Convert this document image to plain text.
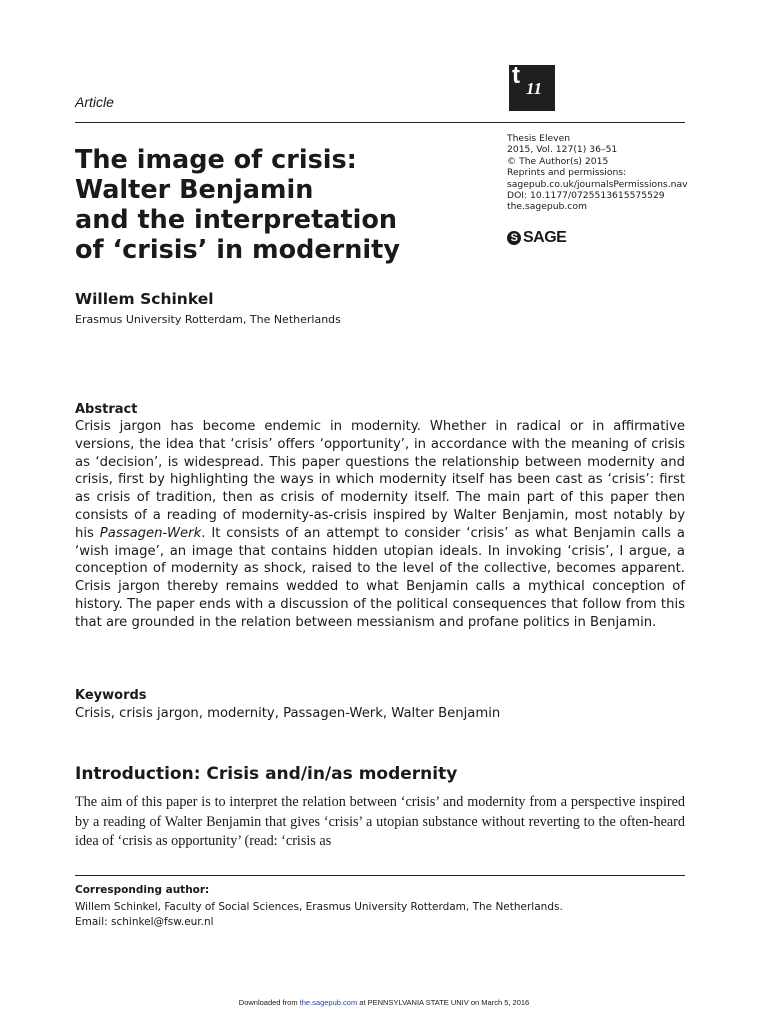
Article
t 11
The image of crisis:
Walter Benjamin
and the interpretation
of ‘crisis’ in modernity
Thesis Eleven
2015, Vol. 127(1) 36–51
© The Author(s) 2015
Reprints and permissions:
sagepub.co.uk/journalsPermissions.nav
DOI: 10.1177/0725513615575529
the.sagepub.com
S SAGE
Willem Schinkel
Erasmus University Rotterdam, The Netherlands
Abstract
Crisis jargon has become endemic in modernity. Whether in radical or in affirmative versions, the idea that ‘crisis’ offers ‘opportunity’, in accordance with the meaning of crisis as ‘decision’, is widespread. This paper questions the relationship between modernity and crisis, first by highlighting the ways in which modernity itself has been cast as ‘crisis’: first as crisis of tradition, then as crisis of modernity itself. The main part of this paper then consists of a reading of modernity-as-crisis inspired by Walter Benjamin, most notably by his Passagen-Werk. It consists of an attempt to consider ‘crisis’ as what Benjamin calls a ‘wish image’, an image that contains hidden utopian ideals. In invoking ‘crisis’, I argue, a conception of modernity as shock, raised to the level of the collective, becomes apparent. Crisis jargon thereby remains wedded to what Benjamin calls a mythical conception of history. The paper ends with a discussion of the political consequences that follow from this that are grounded in the relation between messianism and profane politics in Benjamin.
Keywords
Crisis, crisis jargon, modernity, Passagen-Werk, Walter Benjamin
Introduction: Crisis and/in/as modernity
The aim of this paper is to interpret the relation between ‘crisis’ and modernity from a perspective inspired by a reading of Walter Benjamin that gives ‘crisis’ a utopian substance without reverting to the often-heard idea of ‘crisis as opportunity’ (read: ‘crisis as
Corresponding author:
Willem Schinkel, Faculty of Social Sciences, Erasmus University Rotterdam, The Netherlands.
Email: schinkel@fsw.eur.nl
Downloaded from the.sagepub.com at PENNSYLVANIA STATE UNIV on March 5, 2016
